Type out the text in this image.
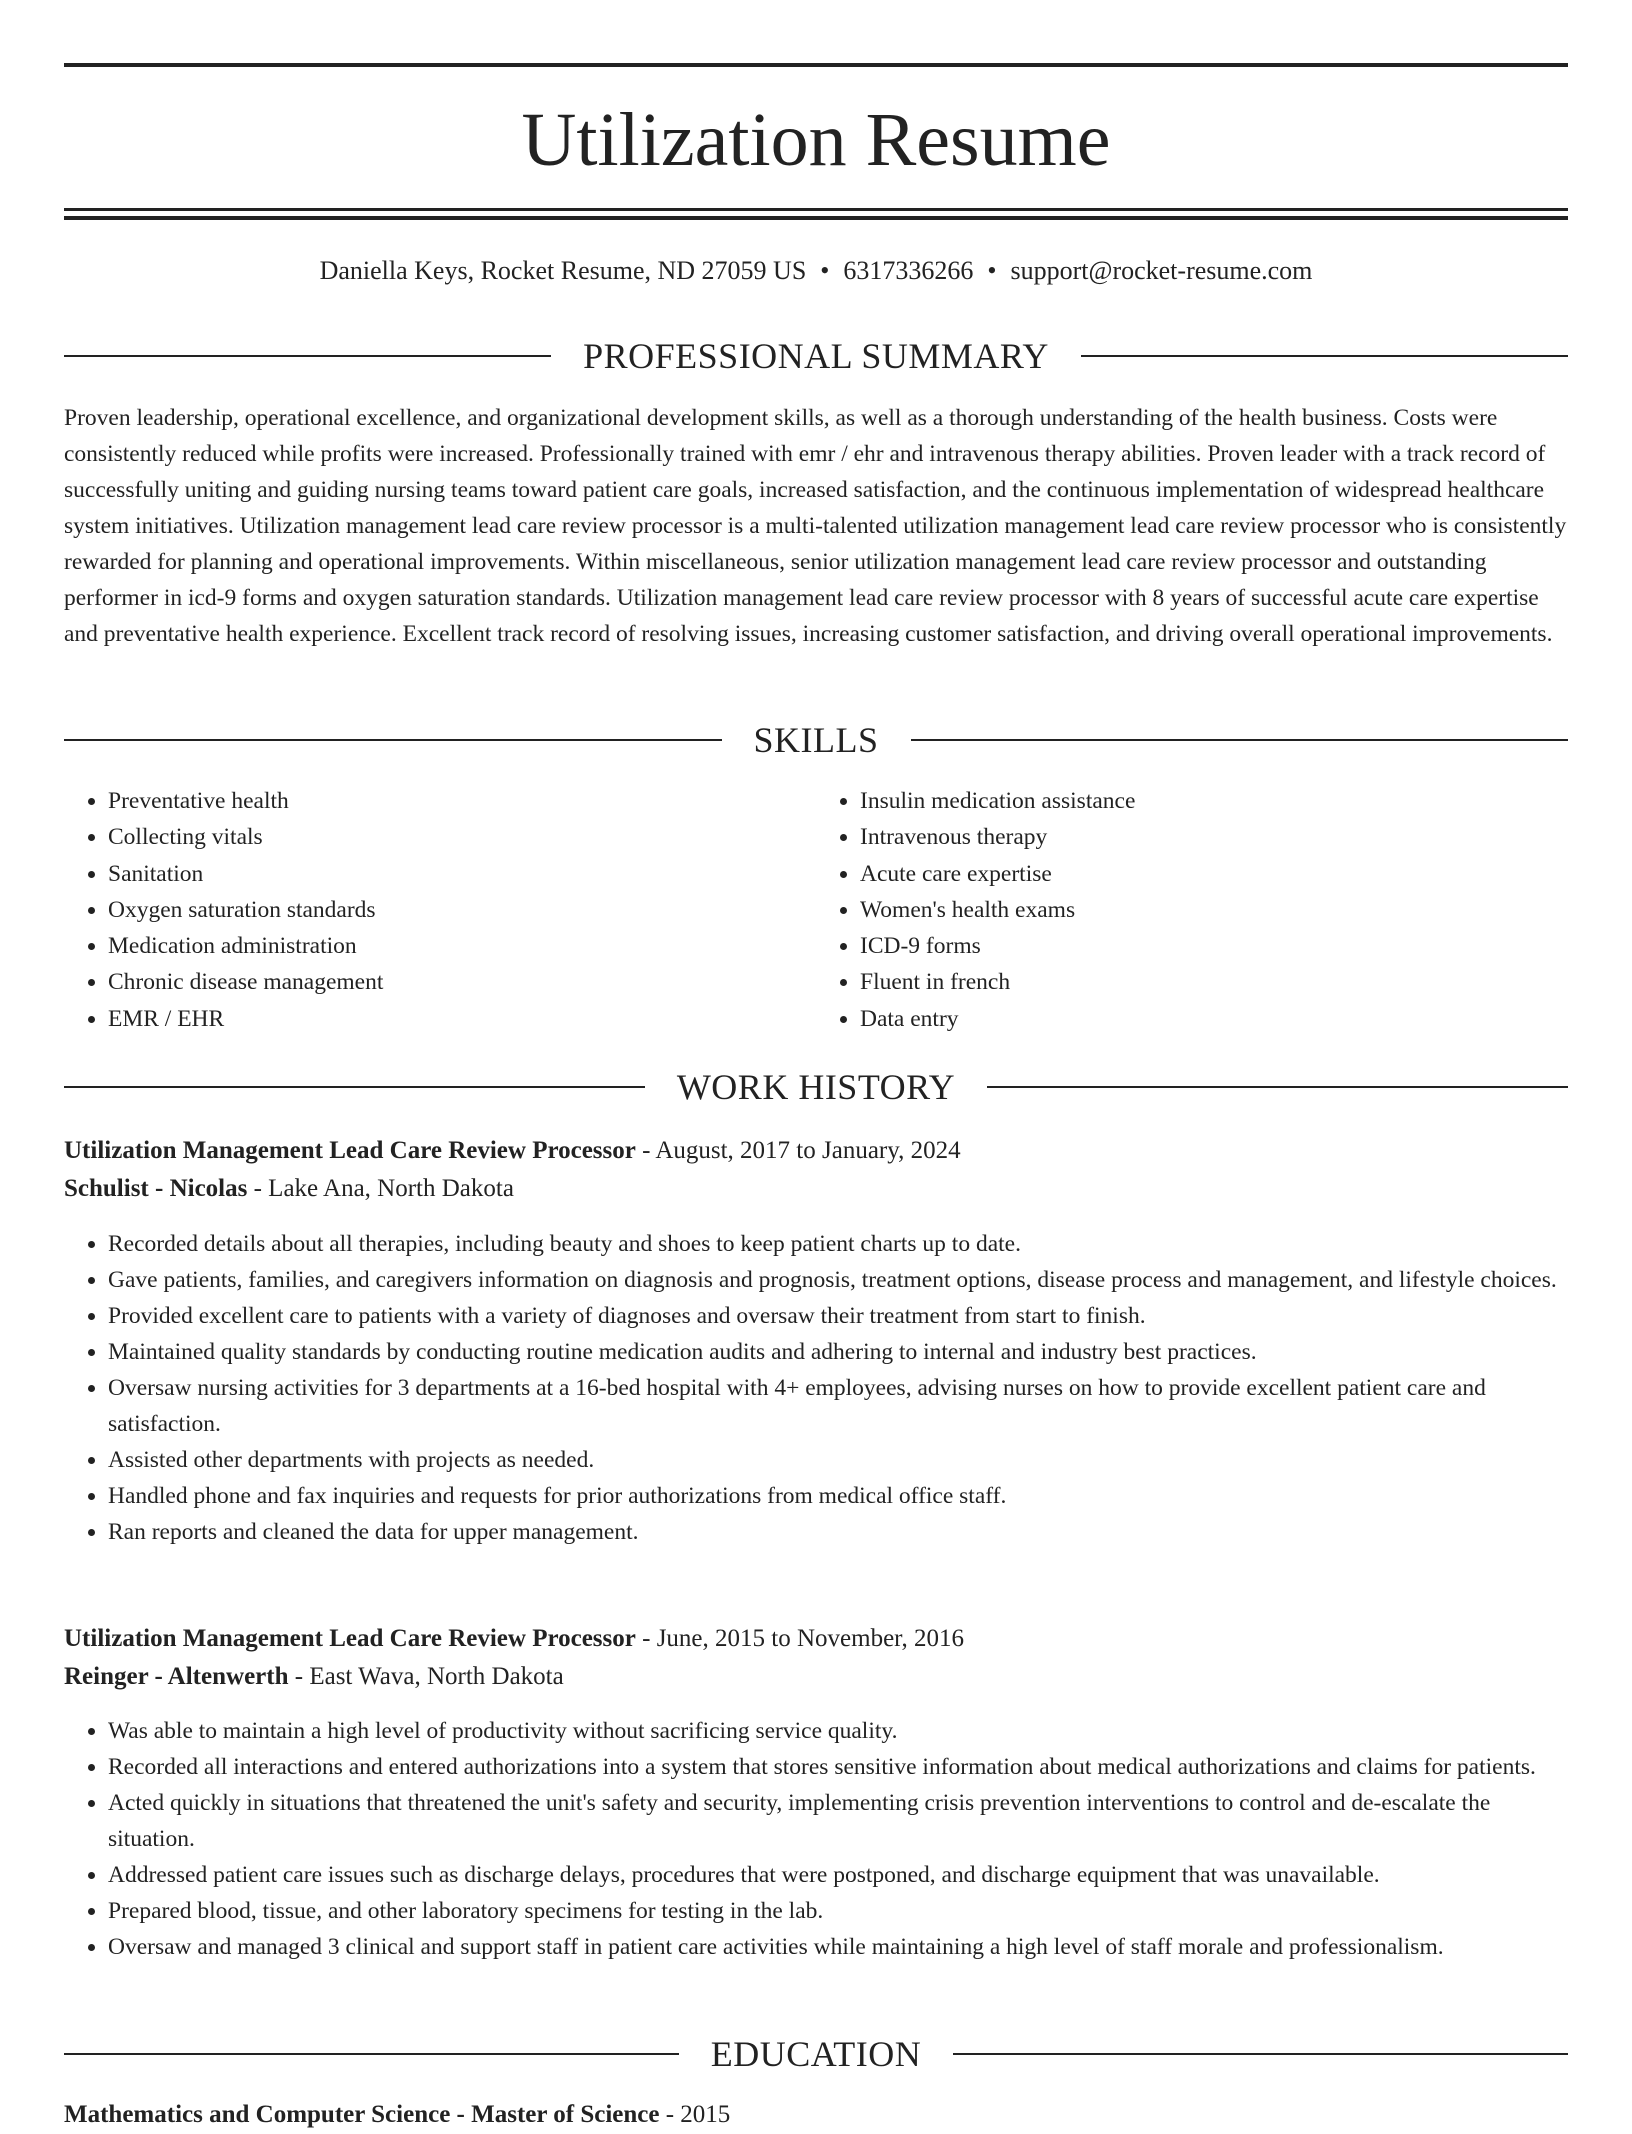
Utilization Resume
Daniella Keys, Rocket Resume, ND 27059 US • 6317336266 • support@rocket-resume.com
PROFESSIONAL SUMMARY

Proven leadership, operational excellence, and organizational development skills, as well as a thorough understanding of the health business. Costs were consistently reduced while profits were increased. Professionally trained with emr / ehr and intravenous therapy abilities. Proven leader with a track record of successfully uniting and guiding nursing teams toward patient care goals, increased satisfaction, and the continuous implementation of widespread healthcare system initiatives. Utilization management lead care review processor is a multi-talented utilization management lead care review processor who is consistently rewarded for planning and operational improvements. Within miscellaneous, senior utilization management lead care review processor and outstanding performer in icd-9 forms and oxygen saturation standards. Utilization management lead care review processor with 8 years of successful acute care expertise and preventative health experience. Excellent track record of resolving issues, increasing customer satisfaction, and driving overall operational improvements.

SKILLS
• Preventative health
• Collecting vitals
• Sanitation
• Oxygen saturation standards
• Medication administration
• Chronic disease management
• EMR / EHR
• Insulin medication assistance
• Intravenous therapy
• Acute care expertise
• Women's health exams
• ICD-9 forms
• Fluent in french
• Data entry
WORK HISTORY
Utilization Management Lead Care Review Processor - August, 2017 to January, 2024
Schulist - Nicolas - Lake Ana, North Dakota
• Recorded details about all therapies, including beauty and shoes to keep patient charts up to date.
• Gave patients, families, and caregivers information on diagnosis and prognosis, treatment options, disease process and management, and lifestyle choices.
• Provided excellent care to patients with a variety of diagnoses and oversaw their treatment from start to finish.
• Maintained quality standards by conducting routine medication audits and adhering to internal and industry best practices.
• Oversaw nursing activities for 3 departments at a 16-bed hospital with 4+ employees, advising nurses on how to provide excellent patient care and satisfaction.
• Assisted other departments with projects as needed.
• Handled phone and fax inquiries and requests for prior authorizations from medical office staff.
• Ran reports and cleaned the data for upper management.
Utilization Management Lead Care Review Processor - June, 2015 to November, 2016
Reinger - Altenwerth - East Wava, North Dakota
• Was able to maintain a high level of productivity without sacrificing service quality.
• Recorded all interactions and entered authorizations into a system that stores sensitive information about medical authorizations and claims for patients.
• Acted quickly in situations that threatened the unit's safety and security, implementing crisis prevention interventions to control and de-escalate the situation.
• Addressed patient care issues such as discharge delays, procedures that were postponed, and discharge equipment that was unavailable.
• Prepared blood, tissue, and other laboratory specimens for testing in the lab.
• Oversaw and managed 3 clinical and support staff in patient care activities while maintaining a high level of staff morale and professionalism.
EDUCATION
Mathematics and Computer Science - Master of Science - 2015
